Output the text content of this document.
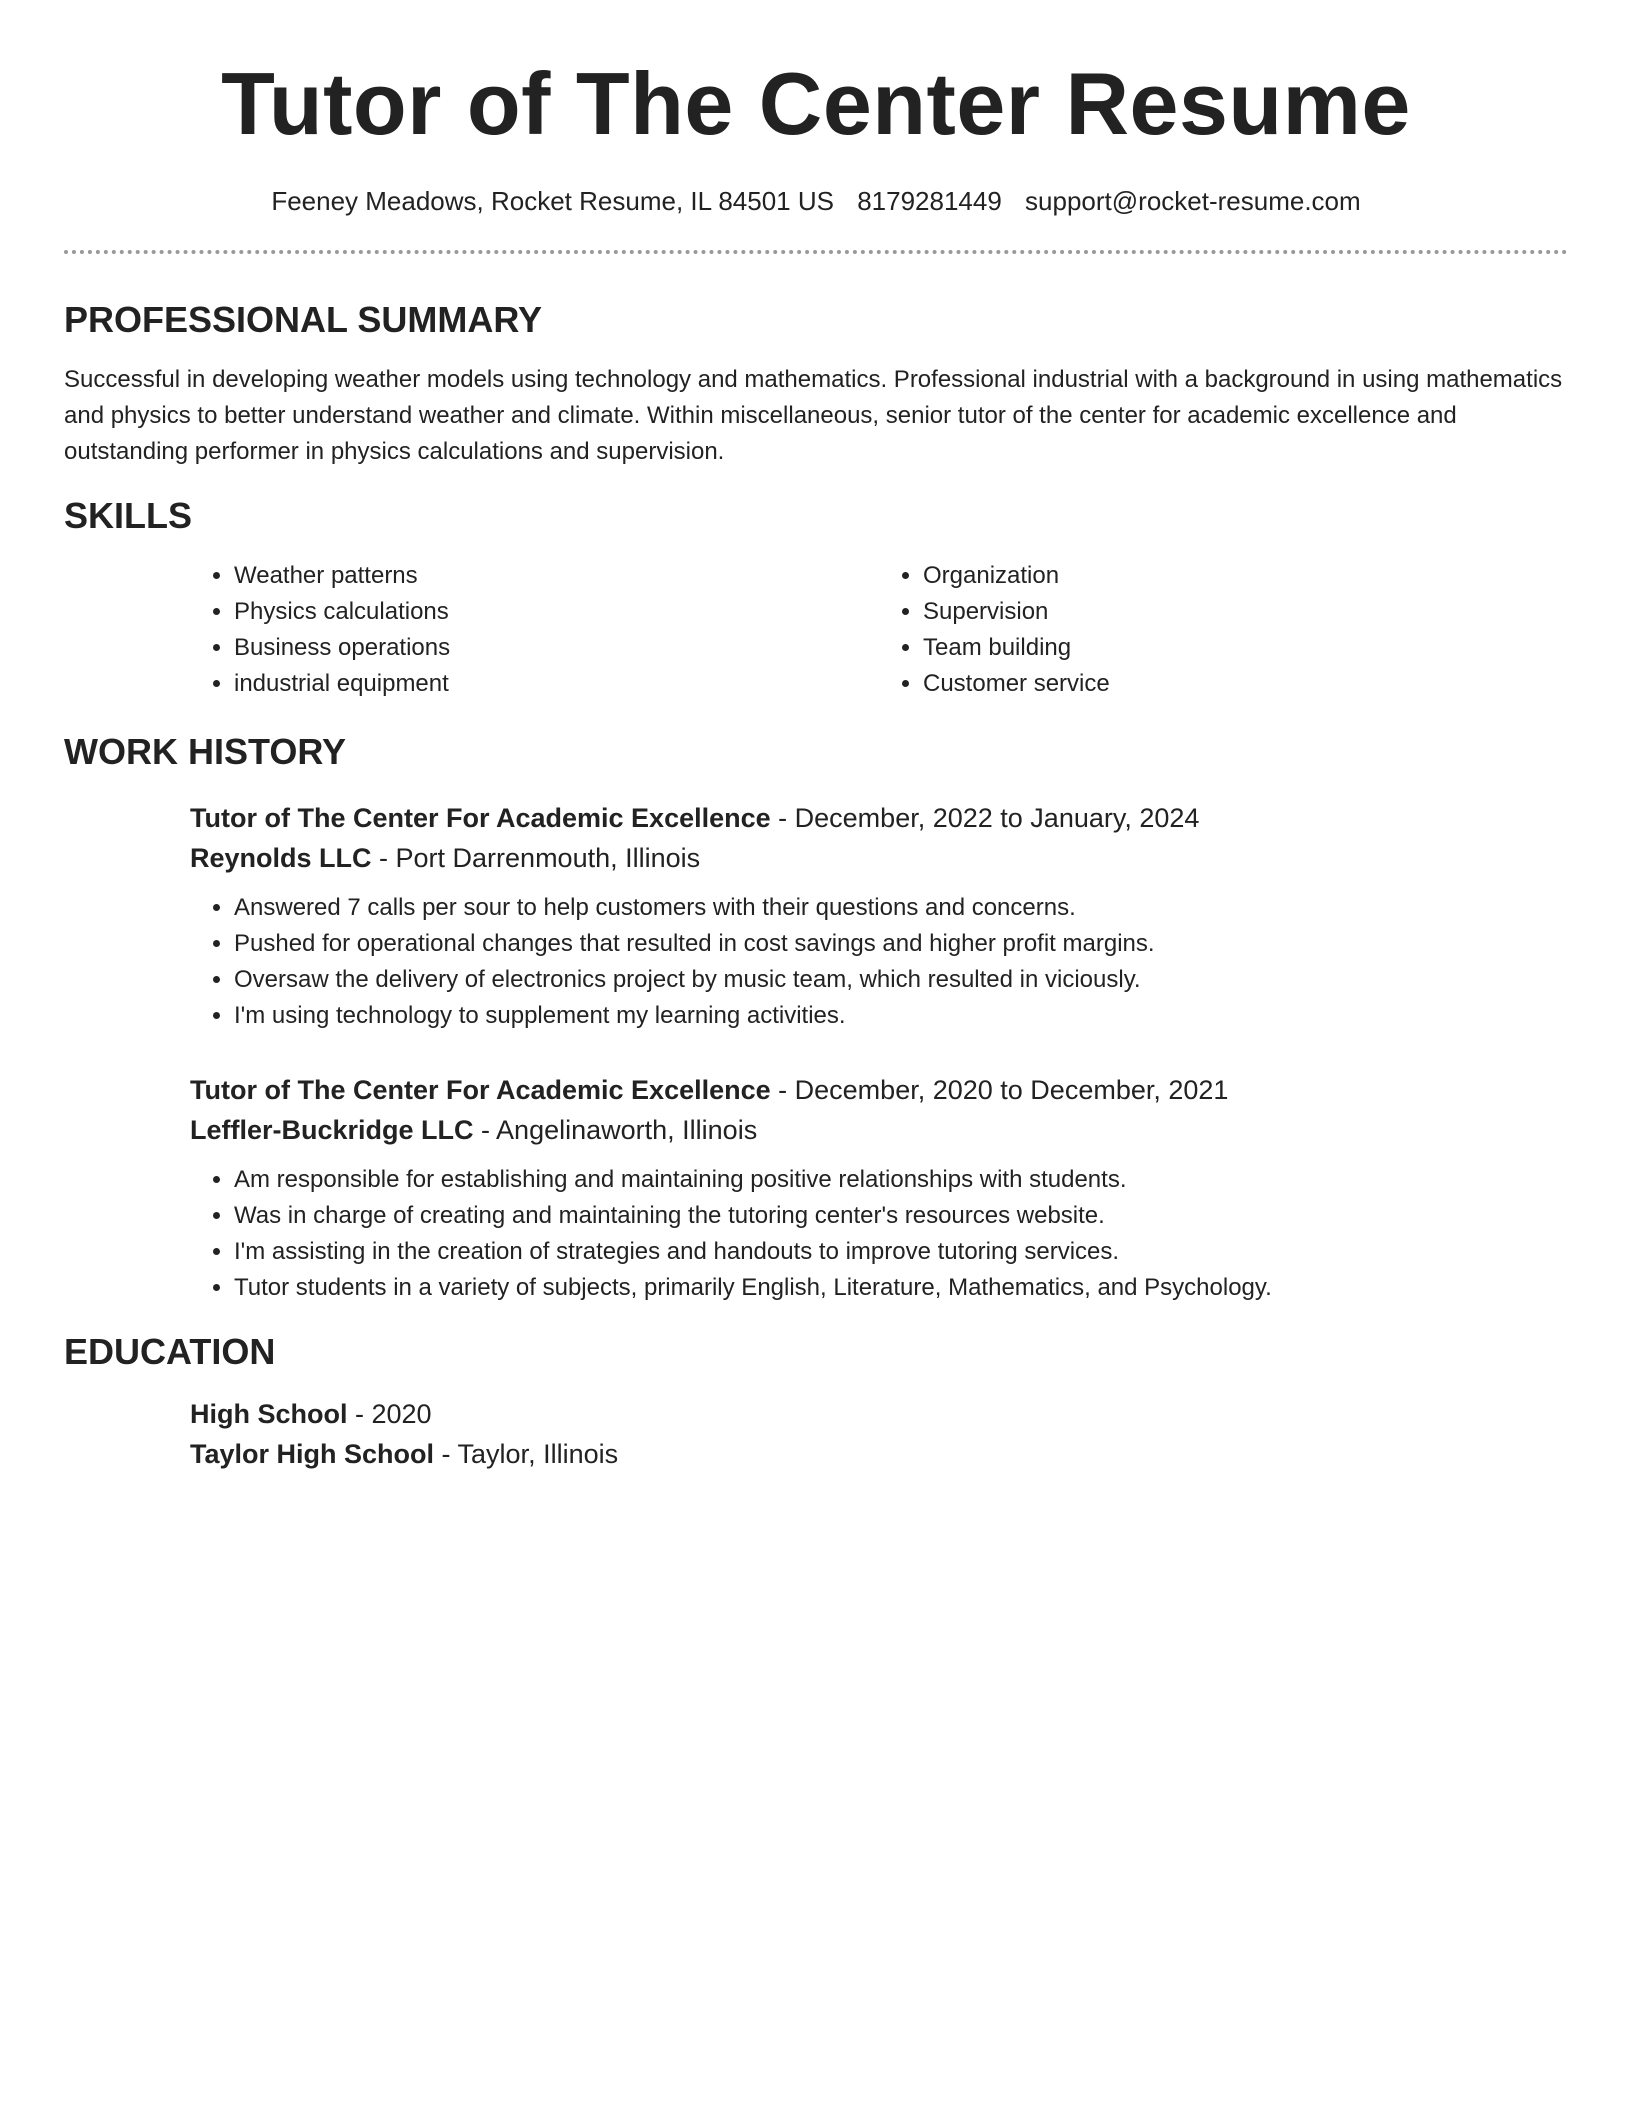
Tutor of The Center Resume
Feeney Meadows, Rocket Resume, IL 84501 US 8179281449 support@rocket-resume.com
PROFESSIONAL SUMMARY

Successful in developing weather models using technology and mathematics. Professional industrial with a background in using mathematics and physics to better understand weather and climate. Within miscellaneous, senior tutor of the center for academic excellence and outstanding performer in physics calculations and supervision.

SKILLS
• Weather patterns
• Physics calculations
• Business operations
• industrial equipment
• Organization
• Supervision
• Team building
• Customer service
WORK HISTORY
Tutor of The Center For Academic Excellence - December, 2022 to January, 2024
Reynolds LLC - Port Darrenmouth, Illinois
• Answered 7 calls per sour to help customers with their questions and concerns.
• Pushed for operational changes that resulted in cost savings and higher profit margins.
• Oversaw the delivery of electronics project by music team, which resulted in viciously.
• I'm using technology to supplement my learning activities.
Tutor of The Center For Academic Excellence - December, 2020 to December, 2021
Leffler-Buckridge LLC - Angelinaworth, Illinois
• Am responsible for establishing and maintaining positive relationships with students.
• Was in charge of creating and maintaining the tutoring center's resources website.
• I'm assisting in the creation of strategies and handouts to improve tutoring services.
• Tutor students in a variety of subjects, primarily English, Literature, Mathematics, and Psychology.
EDUCATION
High School - 2020
Taylor High School - Taylor, Illinois
